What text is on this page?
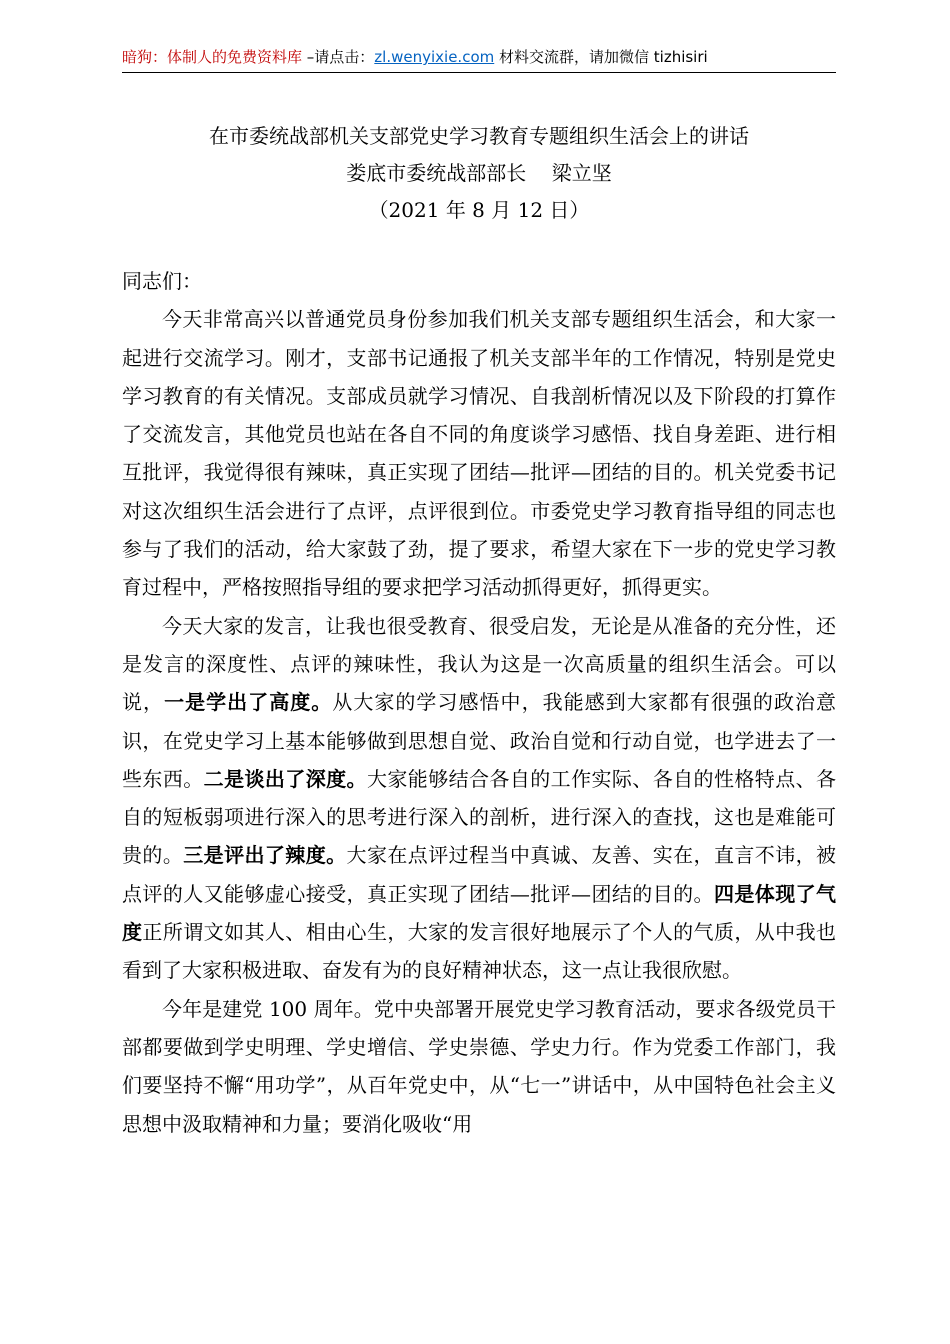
暗狗：体制人的免费资料库 –请点击：zl.wenyixie.com 材料交流群，请加微信 tizhisiri
在市委统战部机关支部党史学习教育专题组织生活会上的讲话
娄底市委统战部部长    梁立坚
（2021 年 8 月 12 日）

同志们：

今天非常高兴以普通党员身份参加我们机关支部专题组织生活会，和大家一起进行交流学习。刚才，支部书记通报了机关支部半年的工作情况，特别是党史学习教育的有关情况。支部成员就学习情况、自我剖析情况以及下阶段的打算作了交流发言，其他党员也站在各自不同的角度谈学习感悟、找自身差距、进行相互批评，我觉得很有辣味，真正实现了团结—批评—团结的目的。机关党委书记对这次组织生活会进行了点评，点评很到位。市委党史学习教育指导组的同志也参与了我们的活动，给大家鼓了劲，提了要求，希望大家在下一步的党史学习教育过程中，严格按照指导组的要求把学习活动抓得更好，抓得更实。

今天大家的发言，让我也很受教育、很受启发，无论是从准备的充分性，还是发言的深度性、点评的辣味性，我认为这是一次高质量的组织生活会。可以说，一是学出了高度。从大家的学习感悟中，我能感到大家都有很强的政治意识，在党史学习上基本能够做到思想自觉、政治自觉和行动自觉，也学进去了一些东西。二是谈出了深度。大家能够结合各自的工作实际、各自的性格特点、各自的短板弱项进行深入的思考进行深入的剖析，进行深入的查找，这也是难能可贵的。三是评出了辣度。大家在点评过程当中真诚、友善、实在，直言不讳，被点评的人又能够虚心接受，真正实现了团结—批评—团结的目的。四是体现了气度正所谓文如其人、相由心生，大家的发言很好地展示了个人的气质，从中我也看到了大家积极进取、奋发有为的良好精神状态，这一点让我很欣慰。

今年是建党 100 周年。党中央部署开展党史学习教育活动，要求各级党员干部都要做到学史明理、学史增信、学史崇德、学史力行。作为党委工作部门，我们要坚持不懈“用功学”，从百年党史中，从“七一”讲话中，从中国特色社会主义思想中汲取精神和力量；要消化吸收“用
